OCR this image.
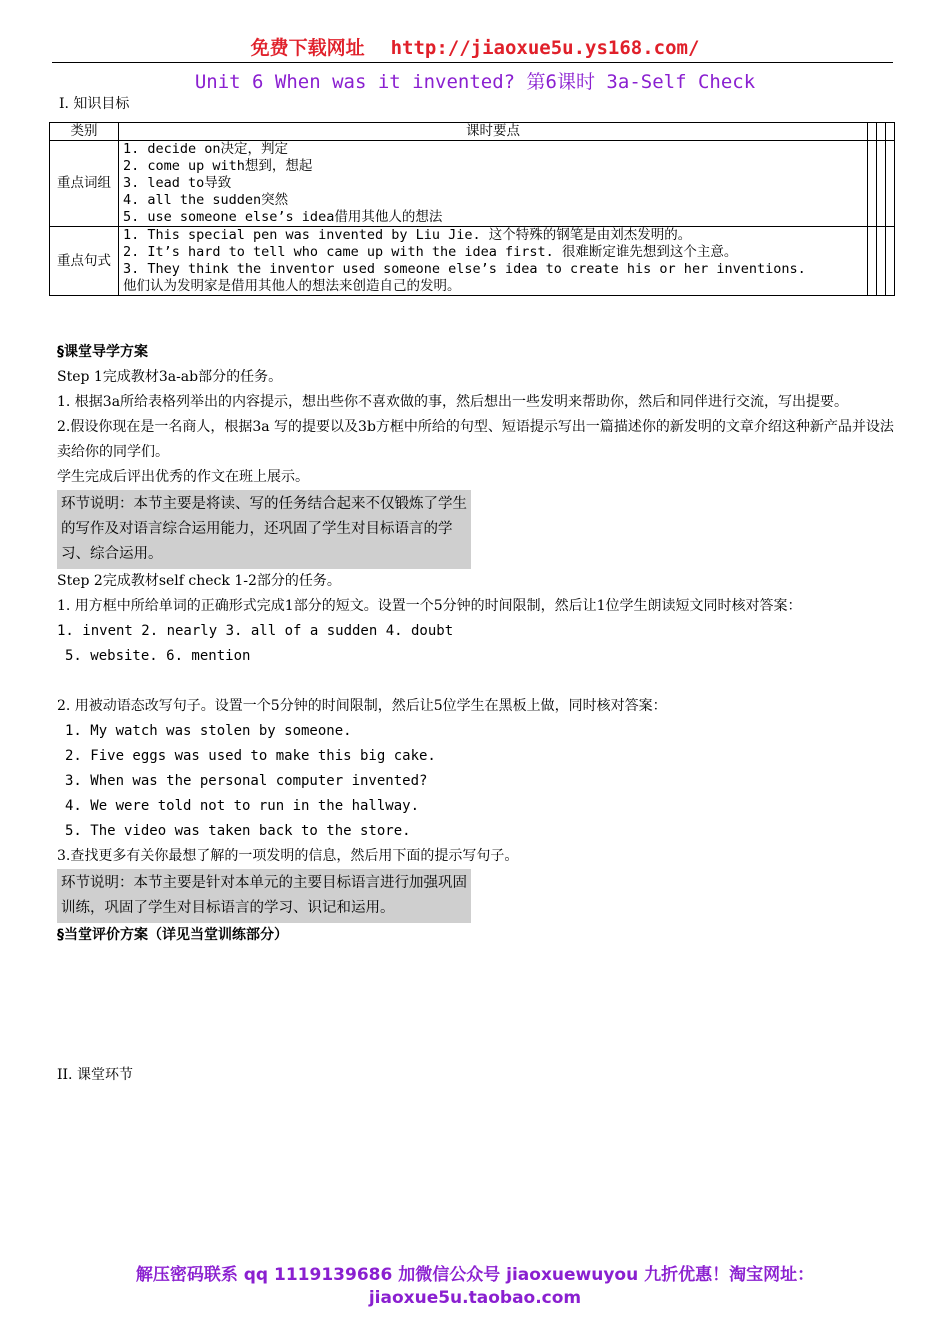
免费下载网址 http://jiaoxue5u.ys168.com/
Unit 6 When was it invented? 第6课时 3a-Self Check
I. 知识目标
类别	课时要点			
重点词组	1. decide on决定，判定
2. come up with想到，想起
3. lead to导致
4. all the sudden突然
5. use someone else’s idea借用其他人的想法			

重点句式	1. This special pen was invented by Liu Jie. 这个特殊的钢笔是由刘杰发明的。
2. It’s hard to tell who came up with the idea first. 很难断定谁先想到这个主意。
3. They think the inventor used someone else’s idea to create his or her inventions.
他们认为发明家是借用其他人的想法来创造自己的发明。			

§课堂导学方案
Step 1完成教材3a-ab部分的任务。
1. 根据3a所给表格列举出的内容提示，想出些你不喜欢做的事，然后想出一些发明来帮助你，然后和同伴进行交流，写出提要。
2.假设你现在是一名商人，根据3a 写的提要以及3b方框中所给的句型、短语提示写出一篇描述你的新发明的文章介绍这种新产品并设法卖给你的同学们。
学生完成后评出优秀的作文在班上展示。
环节说明：本节主要是将读、写的任务结合起来不仅锻炼了学生的写作及对语言综合运用能力，还巩固了学生对目标语言的学习、综合运用。
Step 2完成教材self check 1-2部分的任务。
1. 用方框中所给单词的正确形式完成1部分的短文。设置一个5分钟的时间限制，然后让1位学生朗读短文同时核对答案：
1. invent 2. nearly 3. all of a sudden 4. doubt
5. website. 6. mention
2. 用被动语态改写句子。设置一个5分钟的时间限制，然后让5位学生在黑板上做，同时核对答案：
1. My watch was stolen by someone.
2. Five eggs was used to make this big cake.
3. When was the personal computer invented?
4. We were told not to run in the hallway.
5. The video was taken back to the store.
3.查找更多有关你最想了解的一项发明的信息，然后用下面的提示写句子。
环节说明：本节主要是针对本单元的主要目标语言进行加强巩固训练，巩固了学生对目标语言的学习、识记和运用。
§当堂评价方案（详见当堂训练部分）
II. 课堂环节
解压密码联系 qq 1119139686 加微信公众号 jiaoxuewuyou 九折优惠！淘宝网址：
jiaoxue5u.taobao.com
